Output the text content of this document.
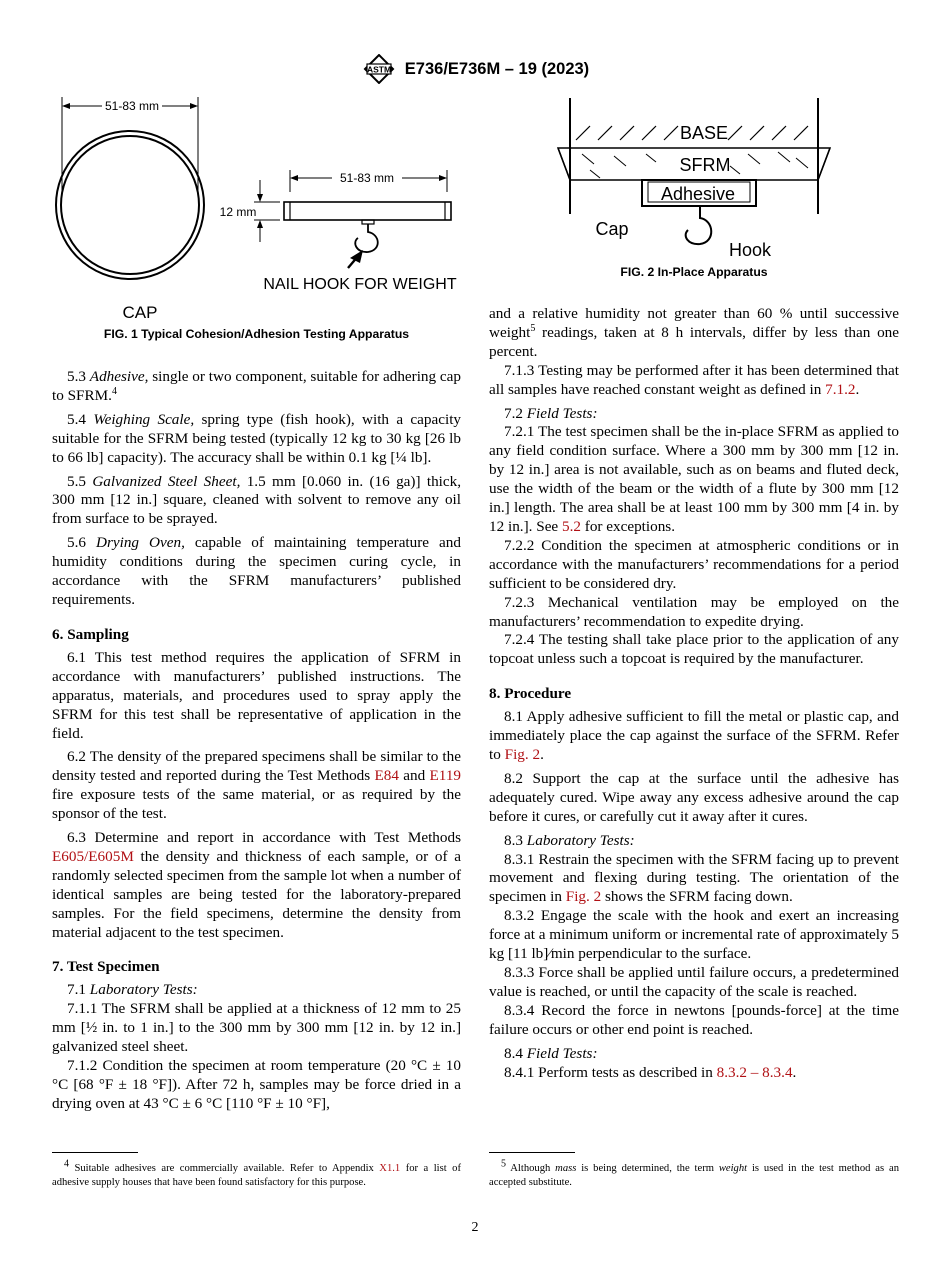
ASTM E736/E736M – 19 (2023)
51-83 mm
CAP
51-83 mm
12 mm
NAIL HOOK FOR WEIGHT
FIG. 1 Typical Cohesion/Adhesion Testing Apparatus
BASE
SFRM
Adhesive
Cap
Hook
FIG. 2 In-Place Apparatus

5.3 Adhesive, single or two component, suitable for adhering cap to SFRM.$^4$

5.4 Weighing Scale, spring type (fish hook), with a capacity suitable for the SFRM being tested (typically 12 kg to 30 kg [26 lb to 66 lb] capacity). The accuracy shall be within 0.1 kg [¼ lb].

5.5 Galvanized Steel Sheet, 1.5 mm [0.060 in. (16 ga)] thick, 300 mm [12 in.] square, cleaned with solvent to remove any oil from surface to be sprayed.

5.6 Drying Oven, capable of maintaining temperature and humidity conditions during the specimen curing cycle, in accordance with the SFRM manufacturers’ published requirements.

6. Sampling

6.1 This test method requires the application of SFRM in accordance with manufacturers’ published instructions. The apparatus, materials, and procedures used to spray apply the SFRM for this test shall be representative of application in the field.

6.2 The density of the prepared specimens shall be similar to the density tested and reported during the Test Methods E84 and E119 fire exposure tests of the same material, or as required by the sponsor of the test.

6.3 Determine and report in accordance with Test Methods E605/E605M the density and thickness of each sample, or of a randomly selected specimen from the sample lot when a number of identical samples are being tested for the laboratory-prepared samples. For the field specimens, determine the density from material adjacent to the test specimen.

7. Test Specimen

7.1 Laboratory Tests:

7.1.1 The SFRM shall be applied at a thickness of 12 mm to 25 mm [½ in. to 1 in.] to the 300 mm by 300 mm [12 in. by 12 in.] galvanized steel sheet.

7.1.2 Condition the specimen at room temperature (20 °C ± 10 °C [68 °F ± 18 °F]). After 72 h, samples may be force dried in a drying oven at 43 °C ± 6 °C [110 °F ± 10 °F],

$^4$ Suitable adhesives are commercially available. Refer to Appendix X1.1 for a list of adhesive supply houses that have been found satisfactory for this purpose.

and a relative humidity not greater than 60 % until successive weight$^5$ readings, taken at 8 h intervals, differ by less than one percent.

7.1.3 Testing may be performed after it has been determined that all samples have reached constant weight as defined in 7.1.2.

7.2 Field Tests:

7.2.1 The test specimen shall be the in-place SFRM as applied to any field condition surface. Where a 300 mm by 300 mm [12 in. by 12 in.] area is not available, such as on beams and fluted deck, use the width of the beam or the width of a flute by 300 mm [12 in.] length. The area shall be at least 100 mm by 300 mm [4 in. by 12 in.]. See 5.2 for exceptions.

7.2.2 Condition the specimen at atmospheric conditions or in accordance with the manufacturers’ recommendations for a period sufficient to be considered dry.

7.2.3 Mechanical ventilation may be employed on the manufacturers’ recommendation to expedite drying.

7.2.4 The testing shall take place prior to the application of any topcoat unless such a topcoat is required by the manufacturer.

8. Procedure

8.1 Apply adhesive sufficient to fill the metal or plastic cap, and immediately place the cap against the surface of the SFRM. Refer to Fig. 2.

8.2 Support the cap at the surface until the adhesive has adequately cured. Wipe away any excess adhesive around the cap before it cures, or carefully cut it away after it cures.

8.3 Laboratory Tests:

8.3.1 Restrain the specimen with the SFRM facing up to prevent movement and flexing during testing. The orientation of the specimen in Fig. 2 shows the SFRM facing down.

8.3.2 Engage the scale with the hook and exert an increasing force at a minimum uniform or incremental rate of approximately 5 kg [11 lb]⁄min perpendicular to the surface.

8.3.3 Force shall be applied until failure occurs, a predetermined value is reached, or until the capacity of the scale is reached.

8.3.4 Record the force in newtons [pounds-force] at the time failure occurs or other end point is reached.

8.4 Field Tests:

8.4.1 Perform tests as described in 8.3.2 – 8.3.4.

$^5$ Although mass is being determined, the term weight is used in the test method as an accepted substitute.

2
